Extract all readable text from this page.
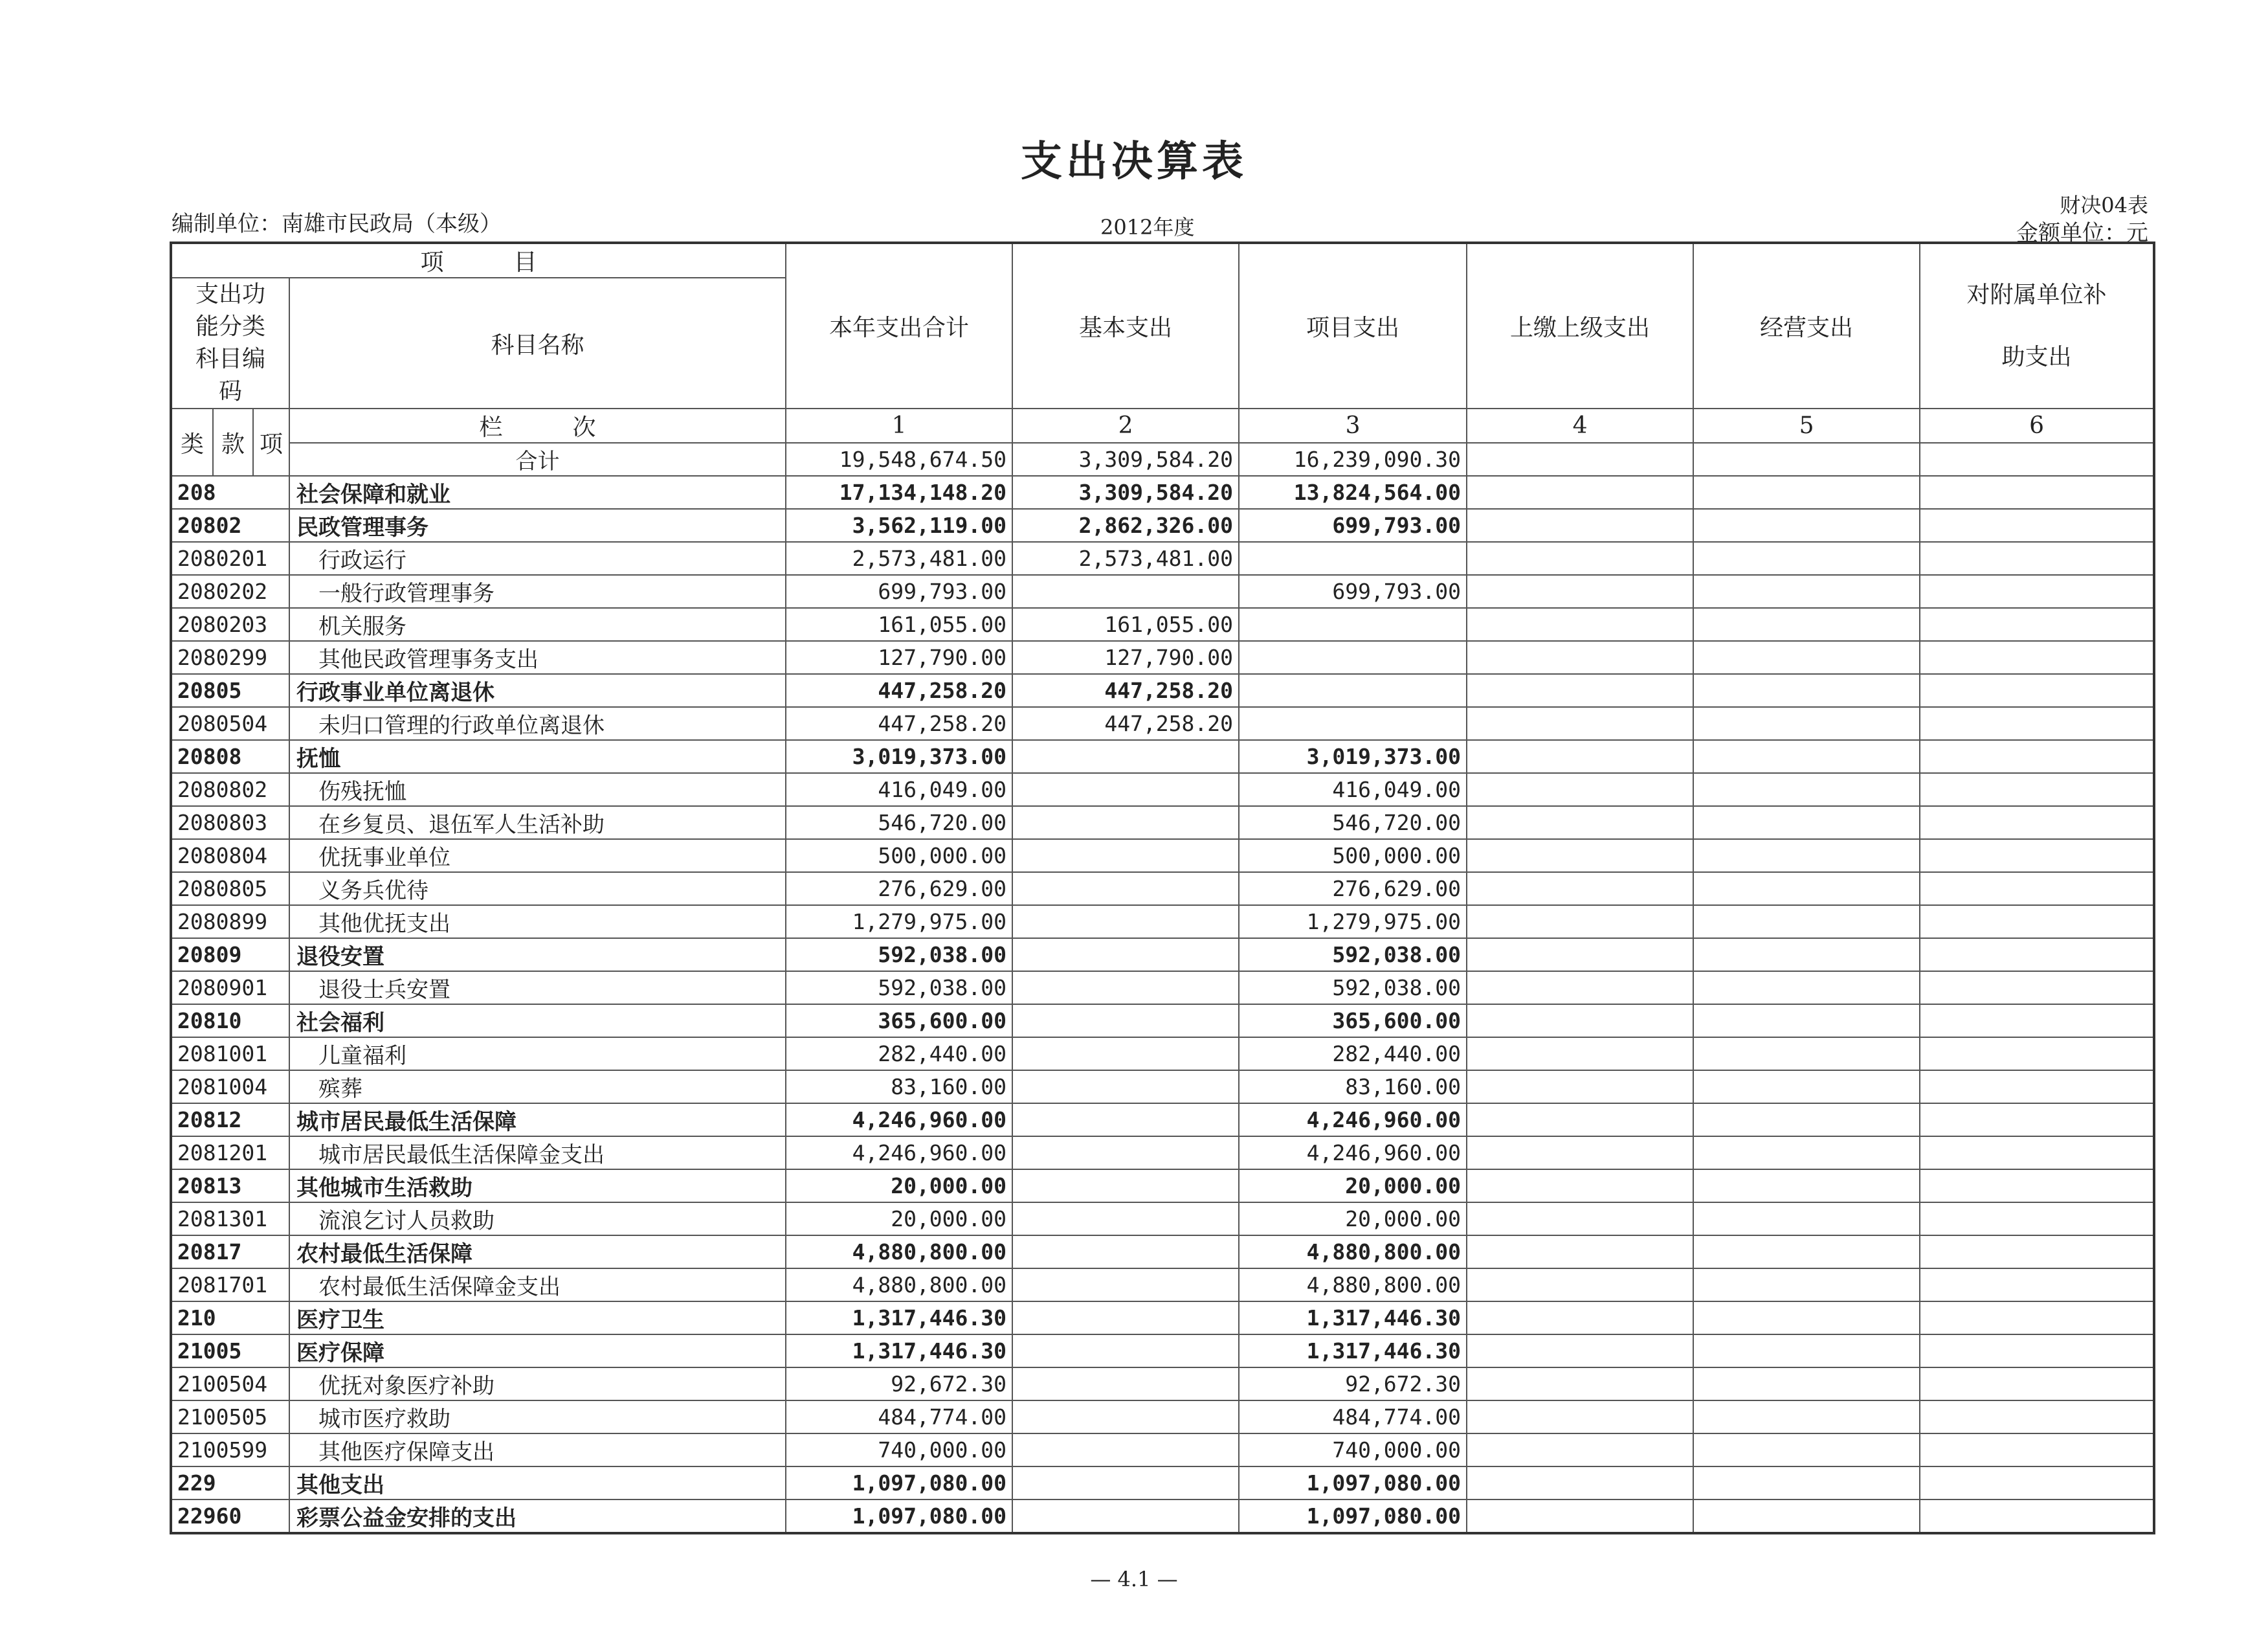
支出决算表
编制单位：南雄市民政局（本级）	2012年度
财决04表
金额单位：元
项　　　目				本年支出合计	基本支出	项目支出	上缴上级支出	经营支出	对附属单位补助支出
支出功能分类科目编码			科目名称						
类	款	项	栏　　　次	1	2	3	4	5	6
			合计	19,548,674.50	3,309,584.20	16,239,090.30			
208			社会保障和就业	17,134,148.20	3,309,584.20	13,824,564.00			
20802			民政管理事务	3,562,119.00	2,862,326.00	699,793.00			
2080201			行政运行	2,573,481.00	2,573,481.00				
2080202			一般行政管理事务	699,793.00		699,793.00			
2080203			机关服务	161,055.00	161,055.00				
2080299			其他民政管理事务支出	127,790.00	127,790.00				
20805			行政事业单位离退休	447,258.20	447,258.20				
2080504			未归口管理的行政单位离退休	447,258.20	447,258.20				
20808			抚恤	3,019,373.00		3,019,373.00			
2080802			伤残抚恤	416,049.00		416,049.00			
2080803			在乡复员、退伍军人生活补助	546,720.00		546,720.00			
2080804			优抚事业单位	500,000.00		500,000.00			
2080805			义务兵优待	276,629.00		276,629.00			
2080899			其他优抚支出	1,279,975.00		1,279,975.00			
20809			退役安置	592,038.00		592,038.00			
2080901			退役士兵安置	592,038.00		592,038.00			
20810			社会福利	365,600.00		365,600.00			
2081001			儿童福利	282,440.00		282,440.00			
2081004			殡葬	83,160.00		83,160.00			
20812			城市居民最低生活保障	4,246,960.00		4,246,960.00			
2081201			城市居民最低生活保障金支出	4,246,960.00		4,246,960.00			
20813			其他城市生活救助	20,000.00		20,000.00			
2081301			流浪乞讨人员救助	20,000.00		20,000.00			
20817			农村最低生活保障	4,880,800.00		4,880,800.00			
2081701			农村最低生活保障金支出	4,880,800.00		4,880,800.00			
210			医疗卫生	1,317,446.30		1,317,446.30			
21005			医疗保障	1,317,446.30		1,317,446.30			
2100504			优抚对象医疗补助	92,672.30		92,672.30			
2100505			城市医疗救助	484,774.00		484,774.00			
2100599			其他医疗保障支出	740,000.00		740,000.00			
229			其他支出	1,097,080.00		1,097,080.00			
22960			彩票公益金安排的支出	1,097,080.00		1,097,080.00			
— 4.1 —
